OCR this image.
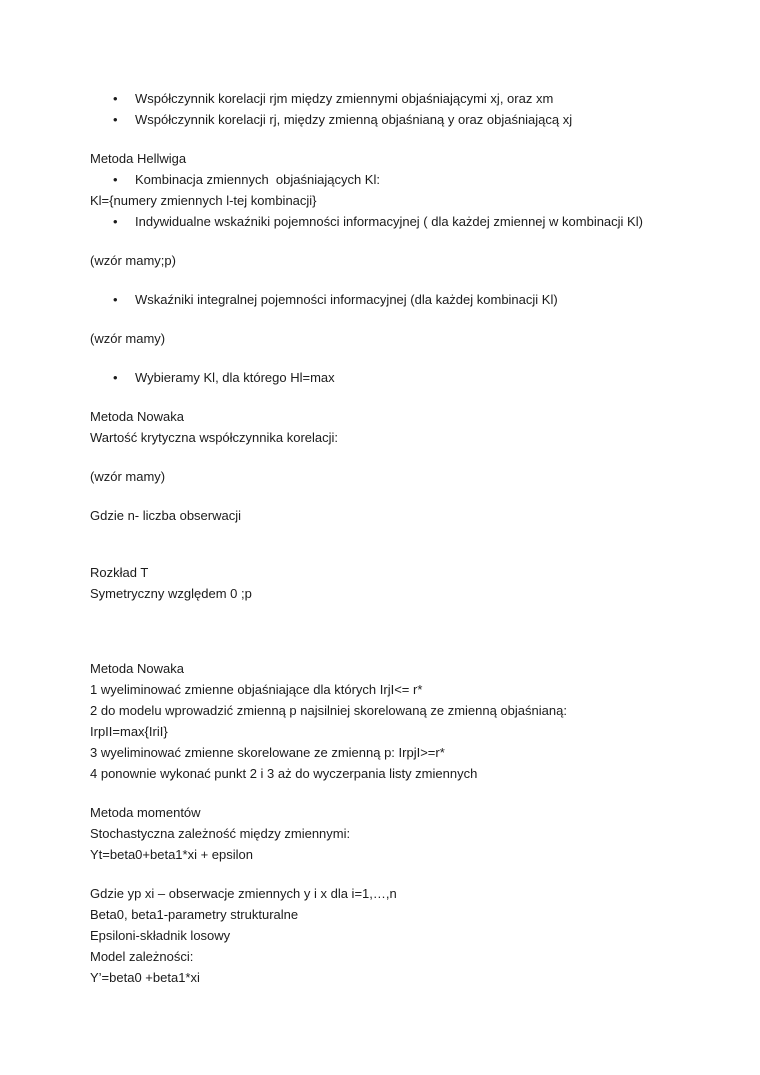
•	Współczynnik korelacji rjm między zmiennymi objaśniającymi xj, oraz xm
•	Współczynnik korelacji rj, między zmienną objaśnianą y oraz objaśniającą xj
Metoda Hellwiga
•	Kombinacja zmiennych  objaśniających Kl:
Kl={numery zmiennych l-tej kombinacji}
•	Indywidualne wskaźniki pojemności informacyjnej ( dla każdej zmiennej w kombinacji Kl)
(wzór mamy;p)
•	Wskaźniki integralnej pojemności informacyjnej (dla każdej kombinacji Kl)
(wzór mamy)
•	Wybieramy Kl, dla którego Hl=max
Metoda Nowaka
Wartość krytyczna współczynnika korelacji:
(wzór mamy)
Gdzie n- liczba obserwacji
Rozkład T
Symetryczny względem 0 ;p
Metoda Nowaka
1 wyeliminować zmienne objaśniające dla których IrjI<= r*
2 do modelu wprowadzić zmienną p najsilniej skorelowaną ze zmienną objaśnianą:
IrpII=max{IriI}
3 wyeliminować zmienne skorelowane ze zmienną p: IrpjI>=r*
4 ponownie wykonać punkt 2 i 3 aż do wyczerpania listy zmiennych
Metoda momentów
Stochastyczna zależność między zmiennymi:
Yt=beta0+beta1*xi + epsilon
Gdzie yp xi – obserwacje zmiennych y i x dla i=1,…,n
Beta0, beta1-parametry strukturalne
Epsiloni-składnik losowy
Model zależności:
Y’=beta0 +beta1*xi
